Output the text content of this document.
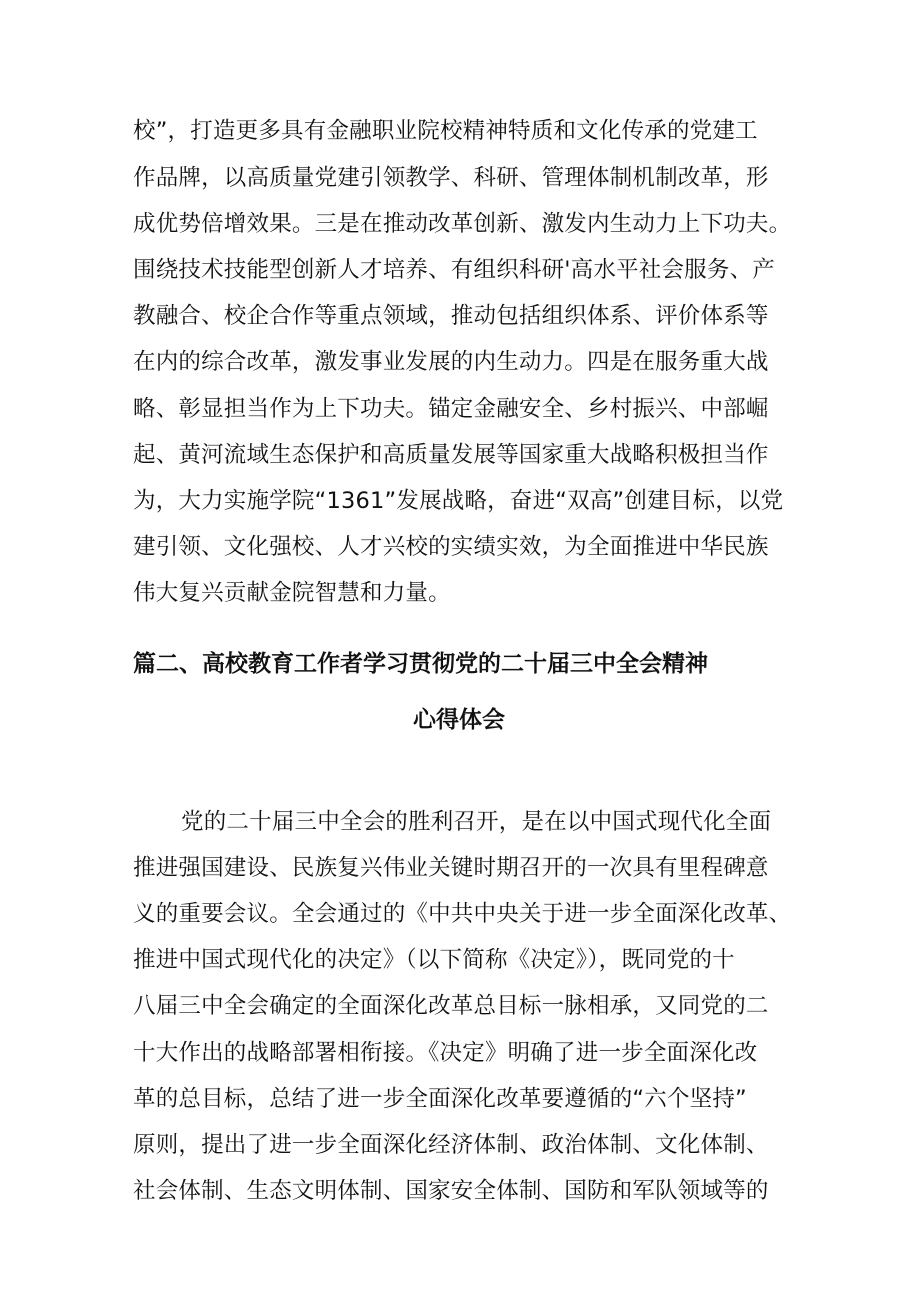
校”，打造更多具有金融职业院校精神特质和文化传承的党建工
作品牌，以高质量党建引领教学、科研、管理体制机制改革，形
成优势倍增效果。三是在推动改革创新、激发内生动力上下功夫。
围绕技术技能型创新人才培养、有组织科研'高水平社会服务、产
教融合、校企合作等重点领域，推动包括组织体系、评价体系等
在内的综合改革，激发事业发展的内生动力。四是在服务重大战
略、彰显担当作为上下功夫。锚定金融安全、乡村振兴、中部崛
起、黄河流域生态保护和高质量发展等国家重大战略积极担当作
为，大力实施学院“1361”发展战略，奋进“双高”创建目标，以党
建引领、文化强校、人才兴校的实绩实效，为全面推进中华民族
伟大复兴贡献金院智慧和力量。
篇二、高校教育工作者学习贯彻党的二十届三中全会精神
心得体会
党的二十届三中全会的胜利召开，是在以中国式现代化全面
推进强国建设、民族复兴伟业关键时期召开的一次具有里程碑意
义的重要会议。全会通过的《中共中央关于进一步全面深化改革、
推进中国式现代化的决定》（以下简称《决定》），既同党的十
八届三中全会确定的全面深化改革总目标一脉相承，又同党的二
十大作出的战略部署相衔接。《决定》明确了进一步全面深化改
革的总目标，总结了进一步全面深化改革要遵循的“六个坚持”
原则，提出了进一步全面深化经济体制、政治体制、文化体制、
社会体制、生态文明体制、国家安全体制、国防和军队领域等的
